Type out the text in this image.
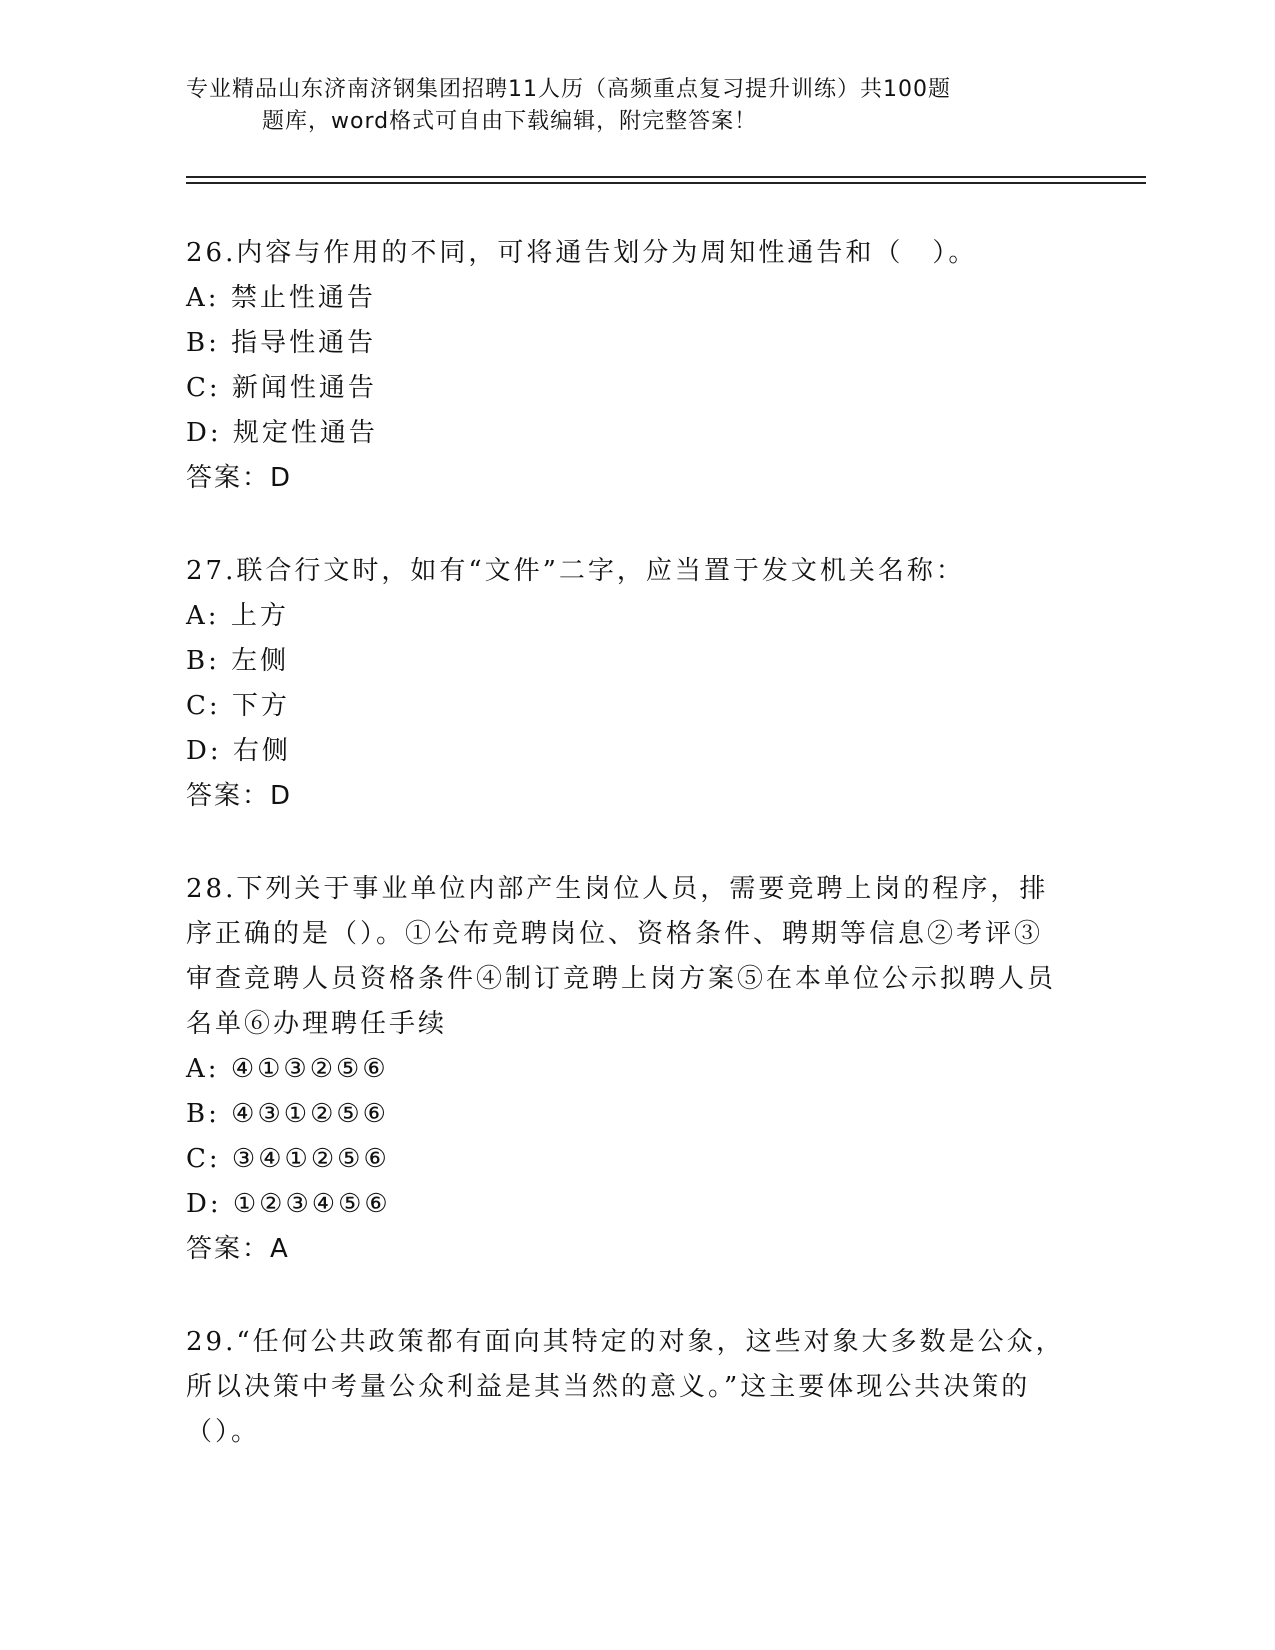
专业精品山东济南济钢集团招聘11人历（高频重点复习提升训练）共100题
题库，word格式可自由下载编辑，附完整答案！

26.内容与作用的不同，可将通告划分为周知性通告和（　）。

A: 禁止性通告
B: 指导性通告
C: 新闻性通告
D: 规定性通告
答案：D

27.联合行文时，如有“文件”二字，应当置于发文机关名称：

A: 上方
B: 左侧
C: 下方
D: 右侧
答案：D

28.下列关于事业单位内部产生岗位人员，需要竞聘上岗的程序，排序正确的是（）。①公布竞聘岗位、资格条件、聘期等信息②考评③审查竞聘人员资格条件④制订竞聘上岗方案⑤在本单位公示拟聘人员名单⑥办理聘任手续

A: ④①③②⑤⑥
B: ④③①②⑤⑥
C: ③④①②⑤⑥
D: ①②③④⑤⑥
答案：A

29.“任何公共政策都有面向其特定的对象，这些对象大多数是公众，所以决策中考量公众利益是其当然的意义。”这主要体现公共决策的（）。
